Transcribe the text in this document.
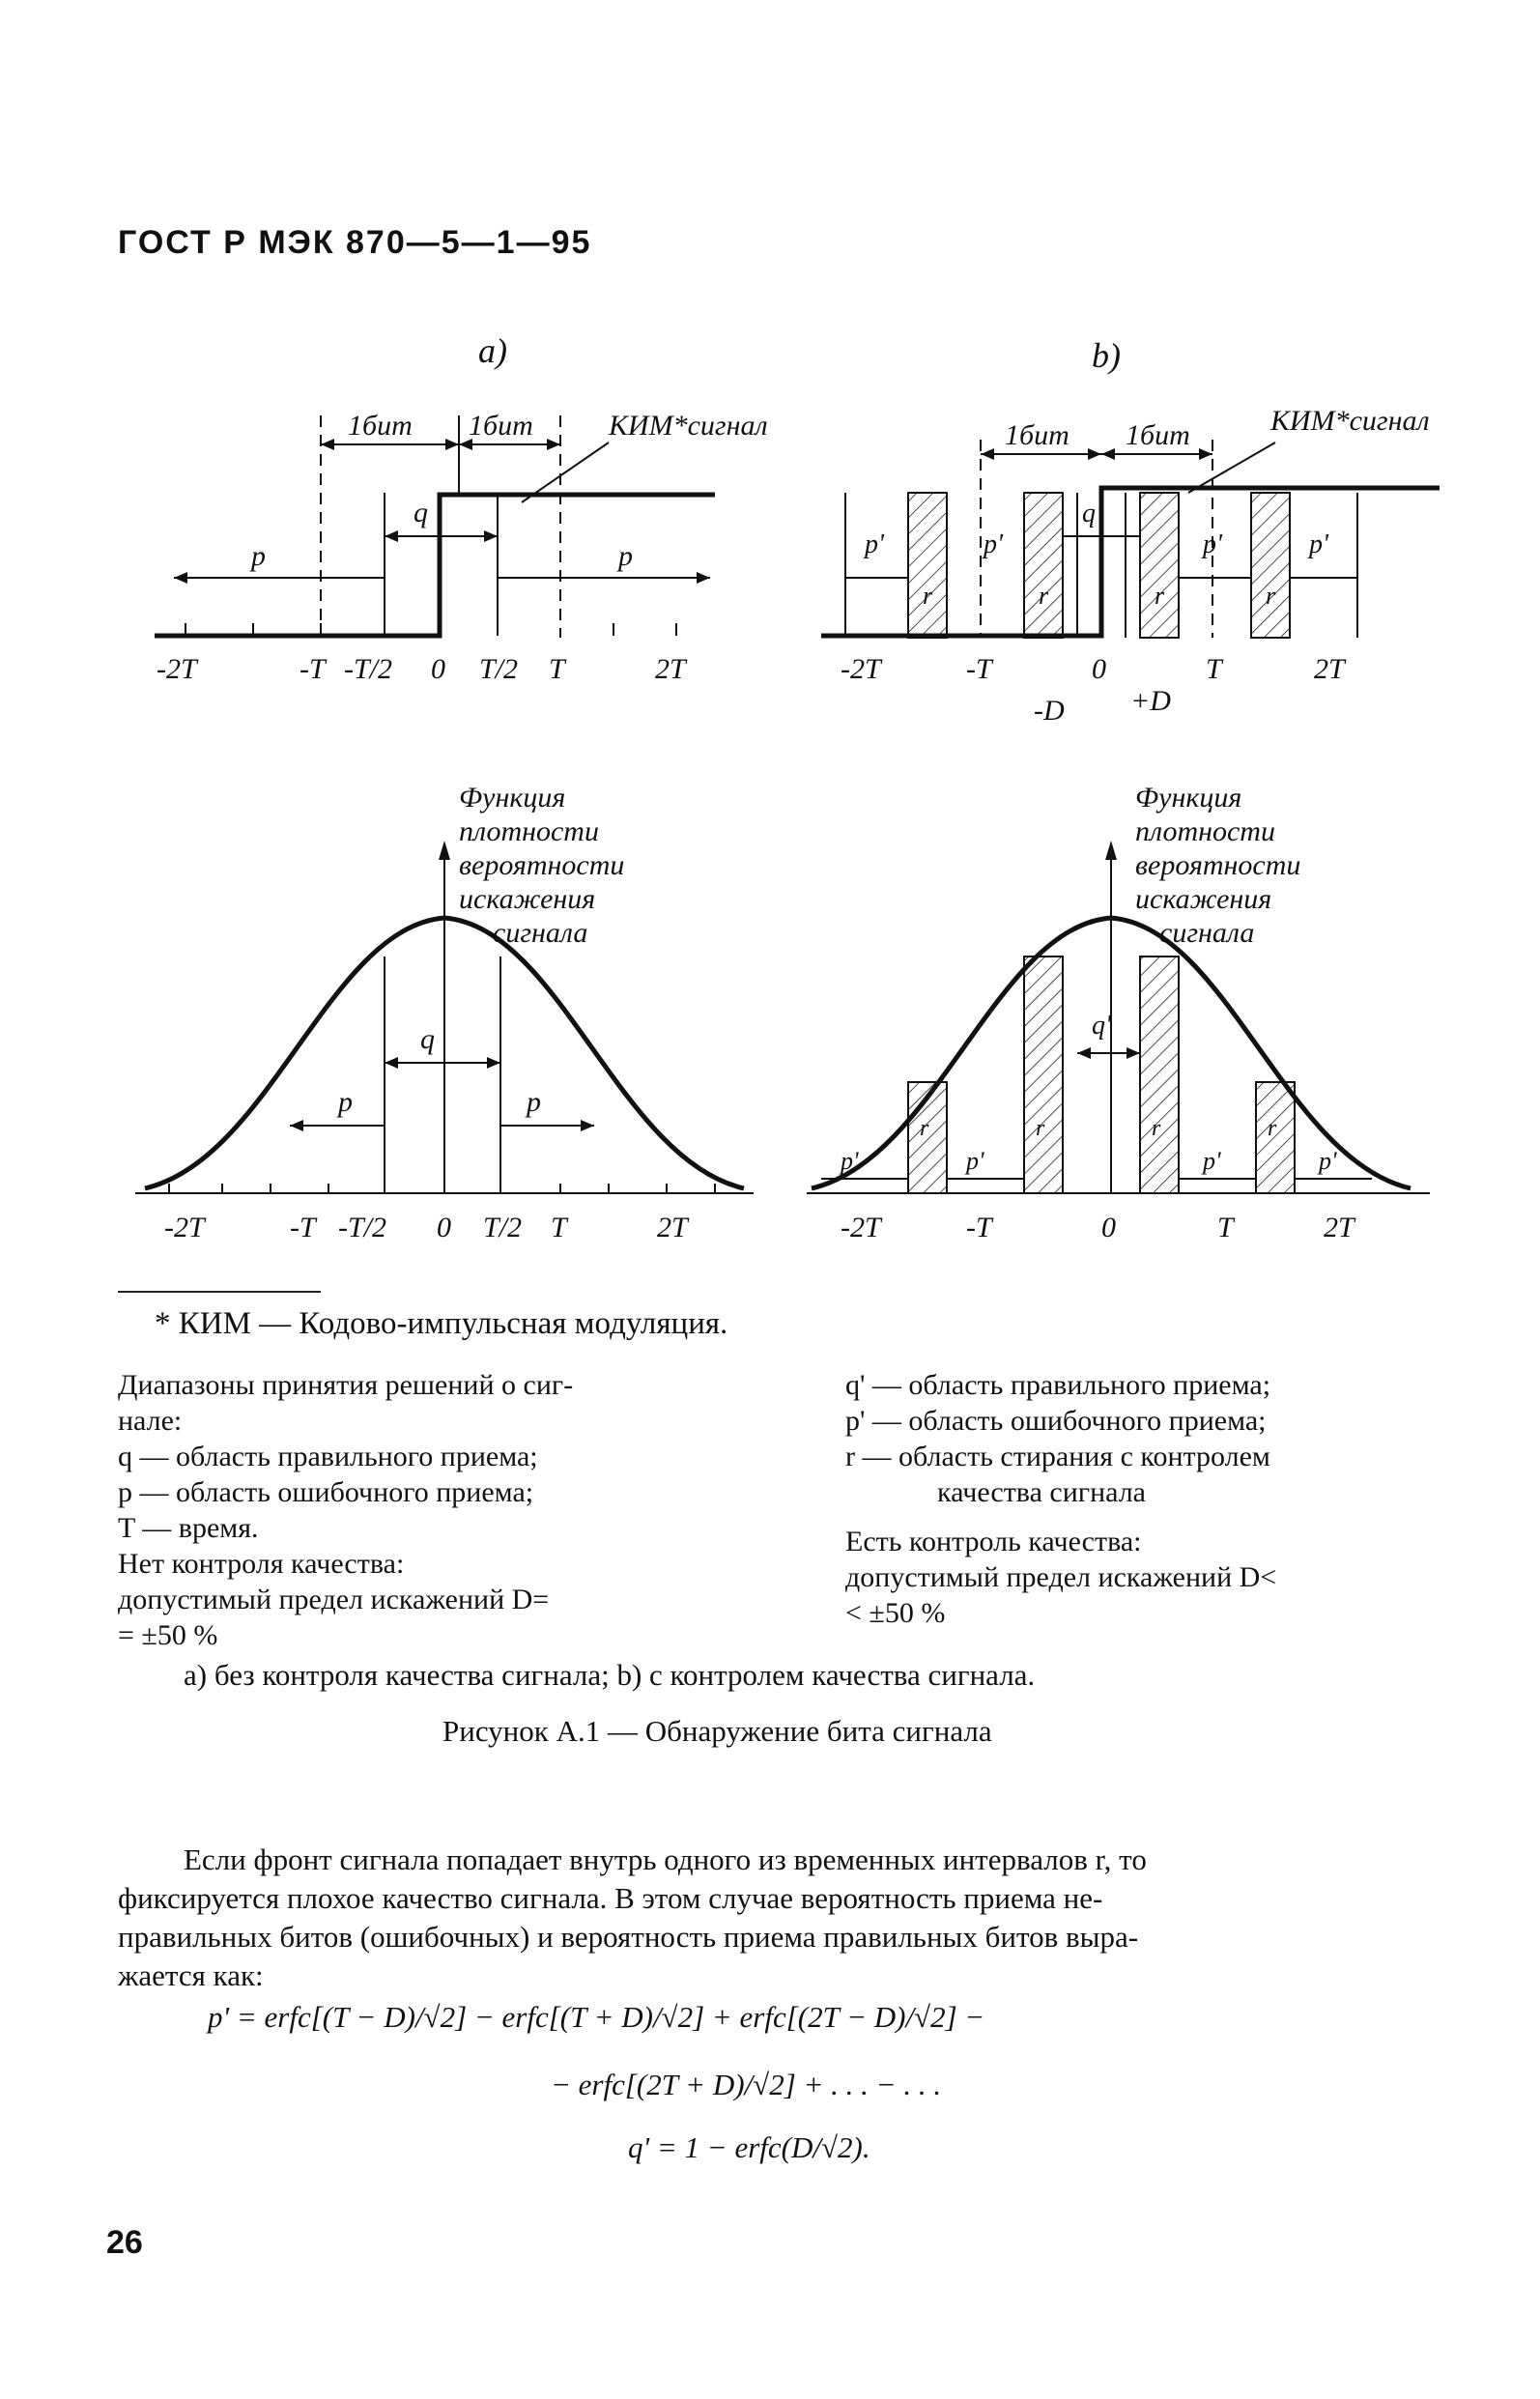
ГОСТ Р МЭК 870—5—1—95
a)
1бит 1бит	КИМ*сигнал
q
p	p
-2T	-T -T/2 0 T/2 T	2T
b)
1бит 1бит	КИМ*сигнал
p'	p'
q'
p'	p'
r	r	r	r
-2T	-T	0	T	2T
-D +D
Функция
плотности
вероятности
искажения
сигнала
q
p	p
-2T	-T -T/2 0 T/2 T	2T
Функция
плотности
вероятности
искажения
сигнала
q'
p'	p'	p'	p'
r	r	r	r
-2T	-T	0	T	2T
* КИМ — Кодово-импульсная модуляция.
Диапазоны принятия решений о сиг-
нале:
q — область правильного приема;
p — область ошибочного приема;
T — время.
Нет контроля качества:
допустимый предел искажений D=
= ±50 %
q' — область правильного приема;
p' — область ошибочного приема;
r — область стирания с контролем
качества сигнала
Есть контроль качества:
допустимый предел искажений D<
< ±50 %
а) без контроля качества сигнала; b) с контролем качества сигнала.
Рисунок А.1 — Обнаружение бита сигнала
Если фронт сигнала попадает внутрь одного из временных интервалов r, то
фиксируется плохое качество сигнала. В этом случае вероятность приема не-
правильных битов (ошибочных) и вероятность приема правильных битов выра-
жается как:
p' = erfc[(T − D)/√2] − erfc[(T + D)/√2] + erfc[(2T − D)/√2] −
− erfc[(2T + D)/√2] + . . . − . . .
q' = 1 − erfc(D/√2).
26
